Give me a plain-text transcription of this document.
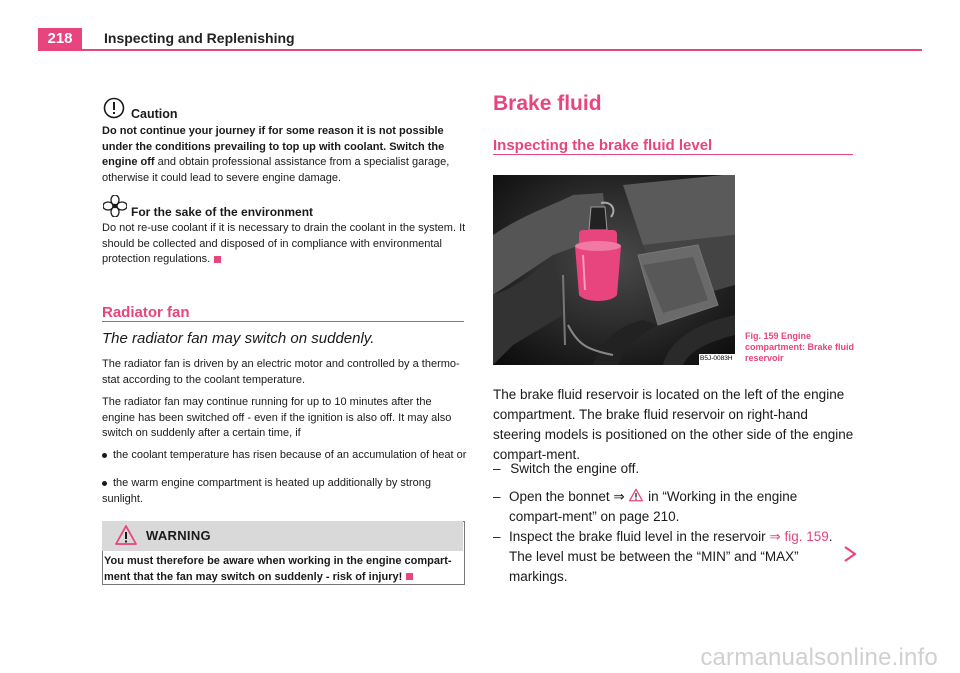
218	Inspecting and Replenishing
Caution
Do not continue your journey if for some reason it is not possible under the conditions prevailing to top up with coolant. Switch the engine off and obtain professional assistance from a specialist garage, otherwise it could lead to severe engine damage.
For the sake of the environment
Do not re-use coolant if it is necessary to drain the coolant in the system. It should be collected and disposed of in compliance with environmental protection regulations.
Radiator fan
The radiator fan may switch on suddenly.
The radiator fan is driven by an electric motor and controlled by a thermo-stat according to the coolant temperature.
The radiator fan may continue running for up to 10 minutes after the engine has been switched off - even if the ignition is also off. It may also switch on suddenly after a certain time, if
the coolant temperature has risen because of an accumulation of heat or
the warm engine compartment is heated up additionally by strong sunlight.
WARNING
You must therefore be aware when working in the engine compart-ment that the fan may switch on suddenly - risk of injury!
Brake fluid
Inspecting the brake fluid level
B5J-0083H
Fig. 159 Engine compartment: Brake fluid reservoir
The brake fluid reservoir is located on the left of the engine compartment. The brake fluid reservoir on right-hand steering models is positioned on the other side of the engine compart-ment.
– Switch the engine off.
– Open the bonnet ⇒  in “Working in the engine compart-ment” on page 210.
– Inspect the brake fluid level in the reservoir ⇒ fig. 159. The level must be between the “MIN” and “MAX” markings.
carmanualsonline.info
